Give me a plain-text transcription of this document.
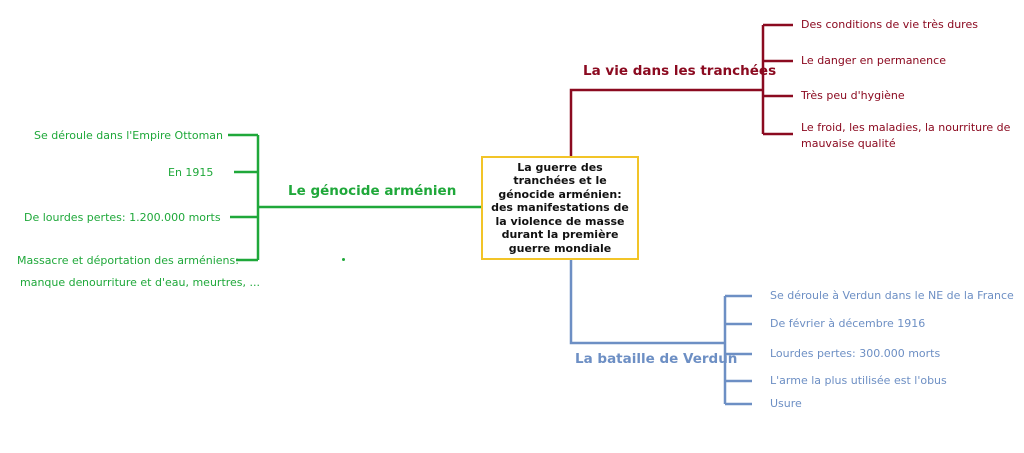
La guerre des tranchées et le génocide arménien: des manifestations de la violence de masse durant la première guerre mondiale
La vie dans les tranchées
Des conditions de vie très dures
Le danger en permanence
Très peu d'hygiène
Le froid, les maladies, la nourriture de
mauvaise qualité
Le génocide arménien
Se déroule dans l'Empire Ottoman
En 1915
De lourdes pertes: 1.200.000 morts
Massacre et déportation des arméniens:
manque de nourriture et d'eau, meurtres, ...
La bataille de Verdun
Se déroule à Verdun dans le NE de la France
De février à décembre 1916
Lourdes pertes: 300.000 morts
L'arme la plus utilisée est l'obus
Usure
